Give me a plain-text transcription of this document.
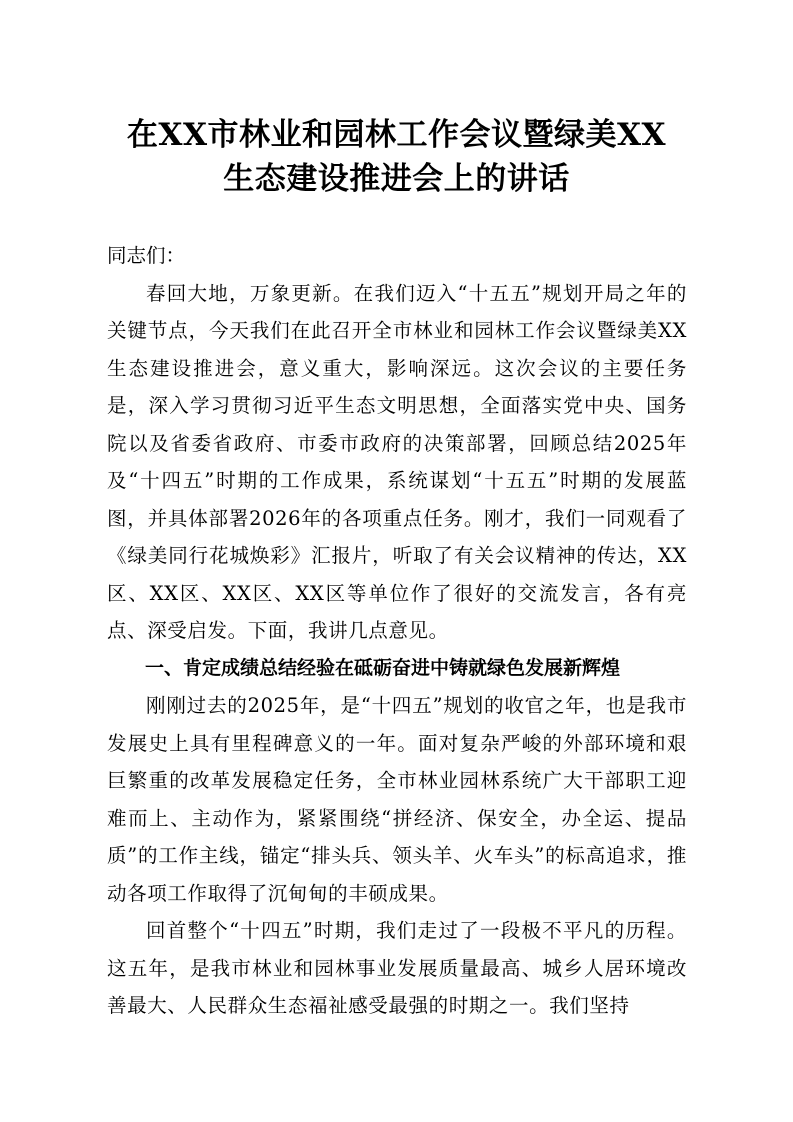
在XX市林业和园林工作会议暨绿美XX
生态建设推进会上的讲话
同志们：

春回大地，万象更新。在我们迈入“十五五”规划开局之年的关键节点，今天我们在此召开全市林业和园林工作会议暨绿美XX生态建设推进会，意义重大，影响深远。这次会议的主要任务是，深入学习贯彻习近平生态文明思想，全面落实党中央、国务院以及省委省政府、市委市政府的决策部署，回顾总结2025年及“十四五”时期的工作成果，系统谋划“十五五”时期的发展蓝图，并具体部署2026年的各项重点任务。刚才，我们一同观看了《绿美同行花城焕彩》汇报片，听取了有关会议精神的传达，XX区、XX区、XX区、XX区等单位作了很好的交流发言，各有亮点、深受启发。下面，我讲几点意见。

一、肯定成绩总结经验在砥砺奋进中铸就绿色发展新辉煌

刚刚过去的2025年，是“十四五”规划的收官之年，也是我市发展史上具有里程碑意义的一年。面对复杂严峻的外部环境和艰巨繁重的改革发展稳定任务，全市林业园林系统广大干部职工迎难而上、主动作为，紧紧围绕“拼经济、保安全，办全运、提品质”的工作主线，锚定“排头兵、领头羊、火车头”的标高追求，推动各项工作取得了沉甸甸的丰硕成果。

回首整个“十四五”时期，我们走过了一段极不平凡的历程。这五年，是我市林业和园林事业发展质量最高、城乡人居环境改善最大、人民群众生态福祉感受最强的时期之一。我们坚持
